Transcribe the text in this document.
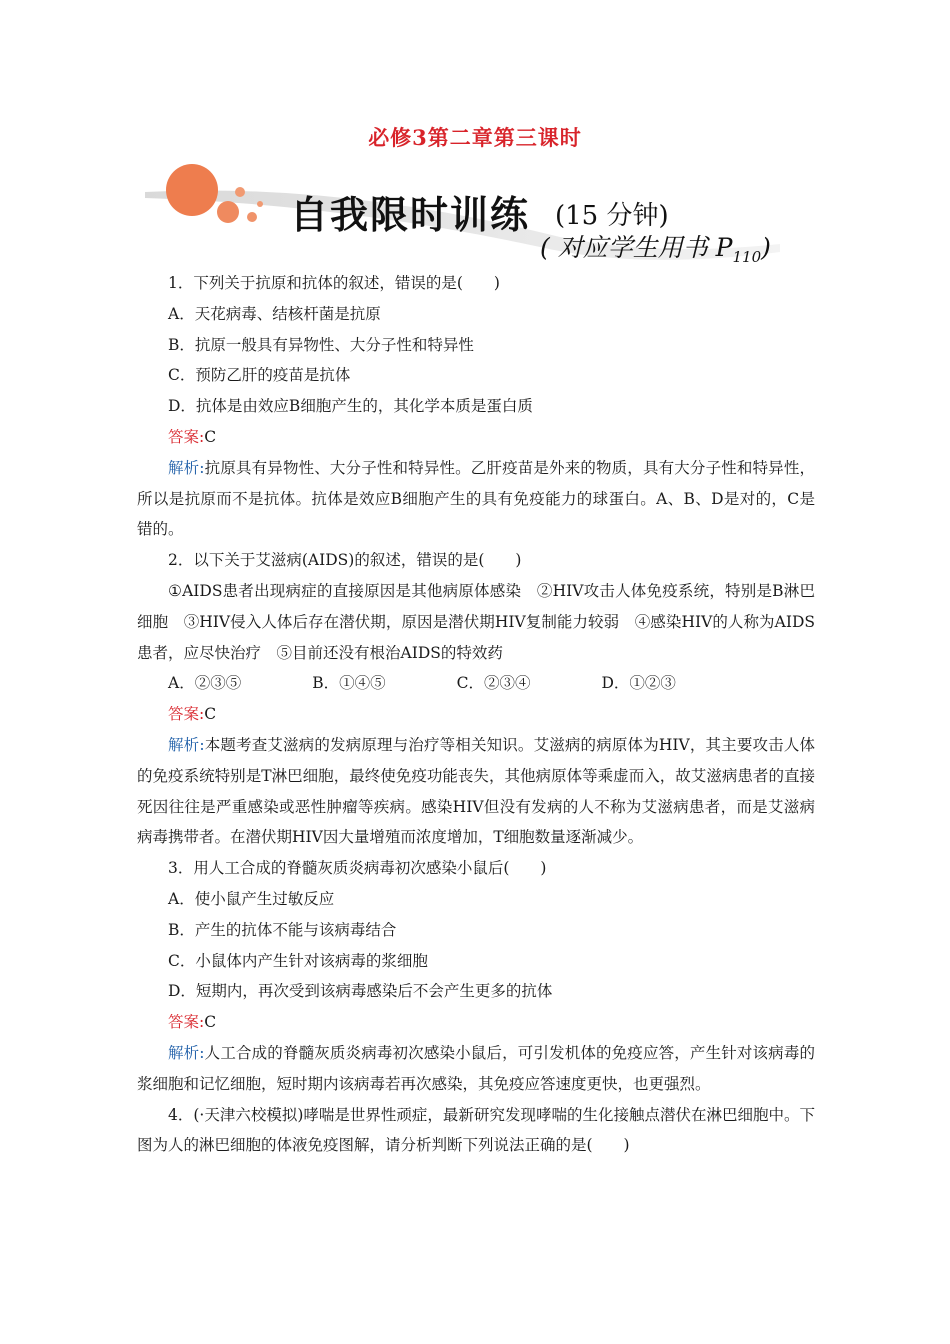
必修3第二章第三课时
自我限时训练 (15 分钟)
( 对应学生用书 $P_{110}$)

1．下列关于抗原和抗体的叙述，错误的是(　　)

A．天花病毒、结核杆菌是抗原

B．抗原一般具有异物性、大分子性和特异性

C．预防乙肝的疫苗是抗体

D．抗体是由效应B细胞产生的，其化学本质是蛋白质

答案:C

解析:抗原具有异物性、大分子性和特异性。乙肝疫苗是外来的物质，具有大分子性和特异性，所以是抗原而不是抗体。抗体是效应B细胞产生的具有免疫能力的球蛋白。A、B、D是对的，C是错的。

2．以下关于艾滋病(AIDS)的叙述，错误的是(　　)

①AIDS患者出现病症的直接原因是其他病原体感染　②HIV攻击人体免疫系统，特别是B淋巴细胞　③HIV侵入人体后存在潜伏期，原因是潜伏期HIV复制能力较弱　④感染HIV的人称为AIDS患者，应尽快治疗　⑤目前还没有根治AIDS的特效药

A．②③⑤	B．①④⑤	C．②③④	D．①②③

答案:C

解析:本题考查艾滋病的发病原理与治疗等相关知识。艾滋病的病原体为HIV，其主要攻击人体的免疫系统特别是T淋巴细胞，最终使免疫功能丧失，其他病原体等乘虚而入，故艾滋病患者的直接死因往往是严重感染或恶性肿瘤等疾病。感染HIV但没有发病的人不称为艾滋病患者，而是艾滋病病毒携带者。在潜伏期HIV因大量增殖而浓度增加，T细胞数量逐渐减少。

3．用人工合成的脊髓灰质炎病毒初次感染小鼠后(　　)

A．使小鼠产生过敏反应

B．产生的抗体不能与该病毒结合

C．小鼠体内产生针对该病毒的浆细胞

D．短期内，再次受到该病毒感染后不会产生更多的抗体

答案:C

解析:人工合成的脊髓灰质炎病毒初次感染小鼠后，可引发机体的免疫应答，产生针对该病毒的浆细胞和记忆细胞，短时期内该病毒若再次感染，其免疫应答速度更快，也更强烈。

4．(·天津六校模拟)哮喘是世界性顽症，最新研究发现哮喘的生化接触点潜伏在淋巴细胞中。下图为人的淋巴细胞的体液免疫图解，请分析判断下列说法正确的是(　　)
